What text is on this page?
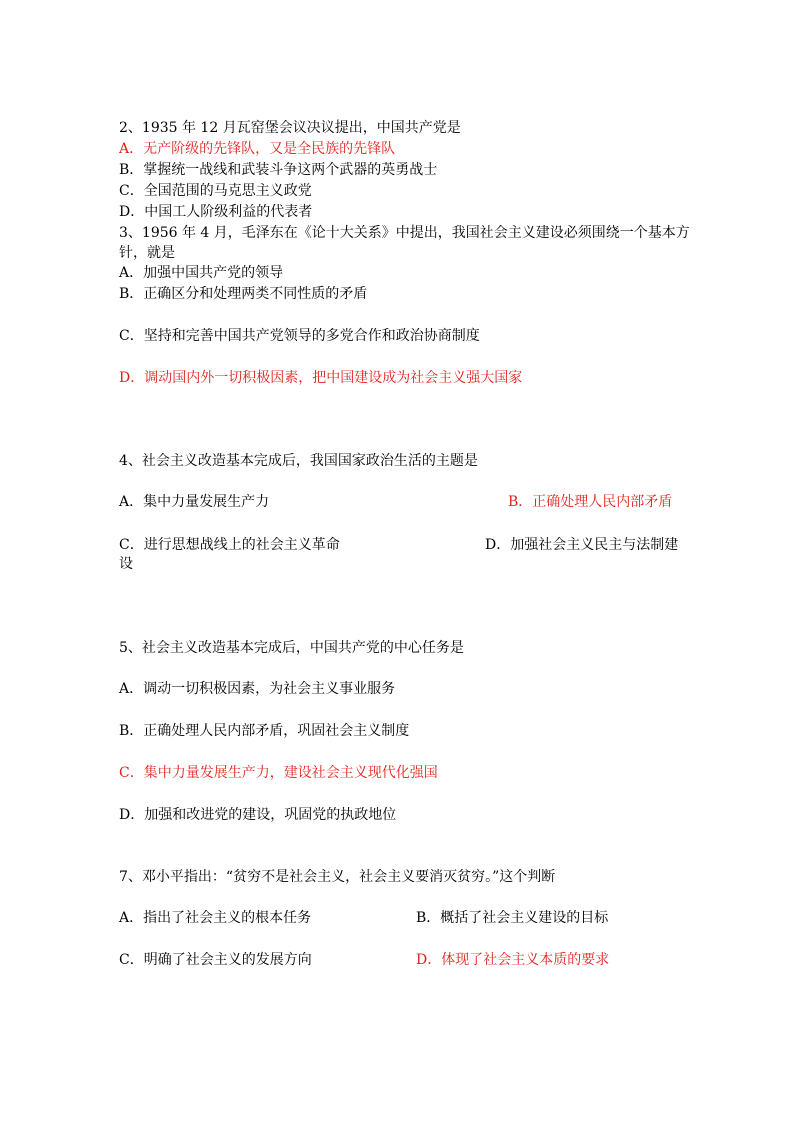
2、1935 年 12 月瓦窑堡会议决议提出，中国共产党是
A．无产阶级的先锋队，又是全民族的先锋队
B．掌握统一战线和武装斗争这两个武器的英勇战士
C．全国范围的马克思主义政党
D．中国工人阶级利益的代表者
3、1956 年 4 月，毛泽东在《论十大关系》中提出，我国社会主义建设必须围绕一个基本方
针，就是
A．加强中国共产党的领导
B．正确区分和处理两类不同性质的矛盾
C．坚持和完善中国共产党领导的多党合作和政治协商制度
D．调动国内外一切积极因素，把中国建设成为社会主义强大国家
4、社会主义改造基本完成后，我国国家政治生活的主题是
A．集中力量发展生产力	B．正确处理人民内部矛盾
C．进行思想战线上的社会主义革命	D．加强社会主义民主与法制建
设
5、社会主义改造基本完成后，中国共产党的中心任务是
A．调动一切积极因素，为社会主义事业服务
B．正确处理人民内部矛盾，巩固社会主义制度
C．集中力量发展生产力，建设社会主义现代化强国
D．加强和改进党的建设，巩固党的执政地位
7、邓小平指出：“贫穷不是社会主义，社会主义要消灭贫穷。”这个判断
A．指出了社会主义的根本任务	B．概括了社会主义建设的目标
C．明确了社会主义的发展方向	D．体现了社会主义本质的要求
